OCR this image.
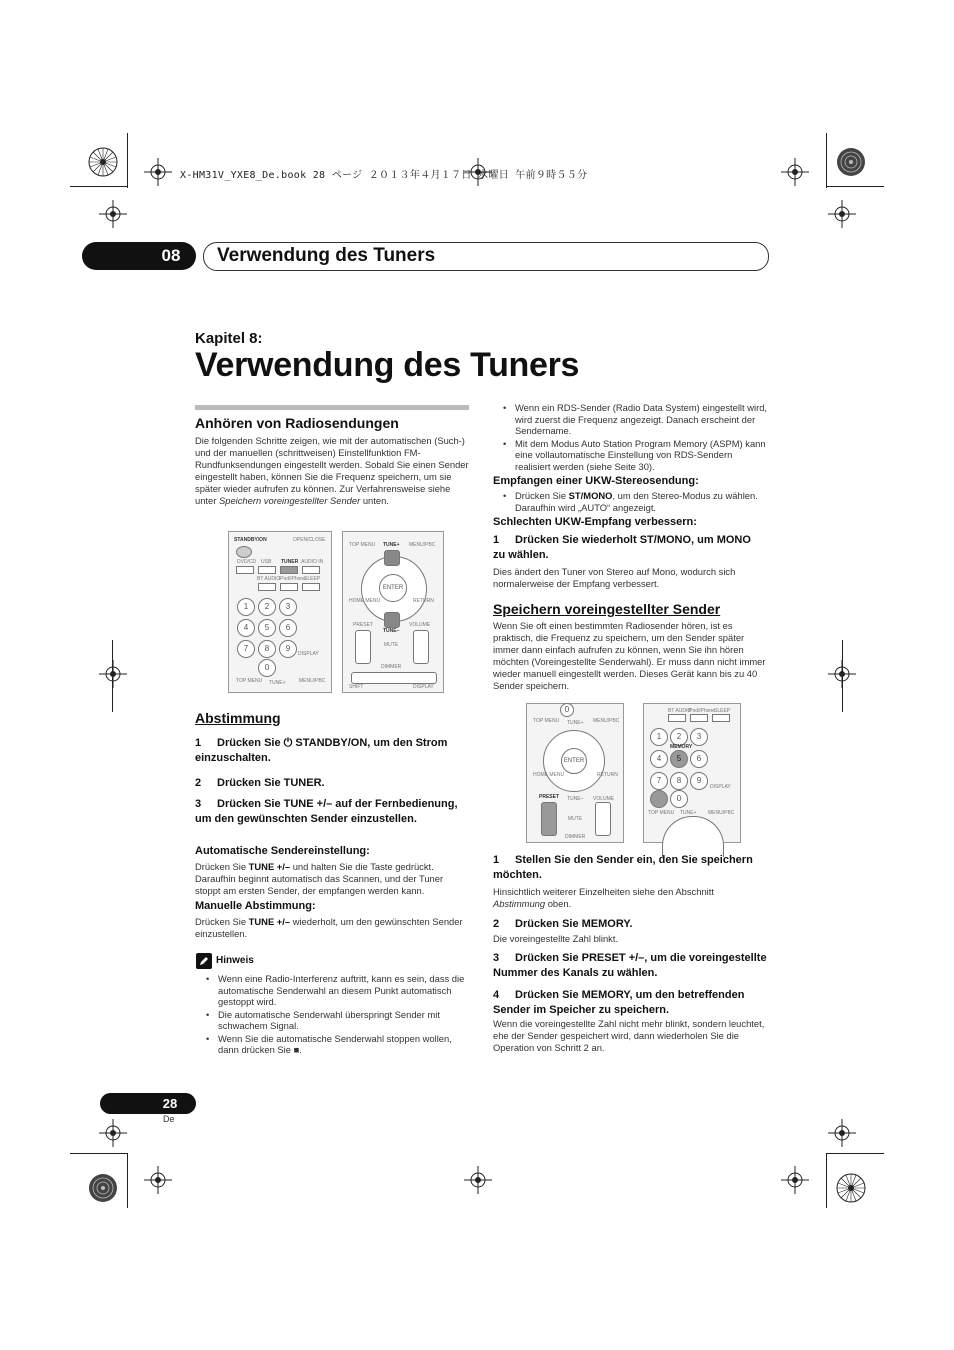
X-HM31V_YXE8_De.book 28 ページ ２０１３年４月１７日 水曜日 午前９時５５分
08	Verwendung des Tuners
Kapitel 8:
Verwendung des Tuners
Anhören von Radiosendungen
Die folgenden Schritte zeigen, wie mit der automatischen (Such-) und der manuellen (schrittweisen) Einstellfunktion FM-Rundfunksendungen eingestellt werden. Sobald Sie einen Sender eingestellt haben, können Sie die Frequenz speichern, um sie später wieder aufrufen zu können. Zur Verfahrensweise siehe unter Speichern voreingestellter Sender unten.
STANDBY/ON	OPEN/CLOSE
DVD/CD USB TUNER AUDIO IN
BT AUDIO
iPod/iPhone
SLEEP
1	2	3
4	5	6
7	8	9
0
DISPLAY
TOP MENU TUNE+	MENU/PBC
TOP MENU TUNE+ MENU/PBC
ENTER
HOME MENU	RETURN
TUNE–
PRESET	VOLUME
MUTE
DIMMER
SHIFT	DISPLAY
Abstimmung
1 Drücken Sie ⏻ STANDBY/ON, um den Strom einzuschalten.
2 Drücken Sie TUNER.
3 Drücken Sie TUNE +/– auf der Fernbedienung, um den gewünschten Sender einzustellen.
Automatische Sendereinstellung:
Drücken Sie TUNE +/– und halten Sie die Taste gedrückt. Daraufhin beginnt automatisch das Scannen, und der Tuner stoppt am ersten Sender, der empfangen werden kann.
Manuelle Abstimmung:
Drücken Sie TUNE +/– wiederholt, um den gewünschten Sender einzustellen.
Hinweis
• Wenn eine Radio-Interferenz auftritt, kann es sein, dass die automatische Senderwahl an diesem Punkt automatisch gestoppt wird.
• Die automatische Senderwahl überspringt Sender mit schwachem Signal.
• Wenn Sie die automatische Senderwahl stoppen wollen, dann drücken Sie ■.
• Wenn ein RDS-Sender (Radio Data System) eingestellt wird, wird zuerst die Frequenz angezeigt. Danach erscheint der Sendername.
• Mit dem Modus Auto Station Program Memory (ASPM) kann eine vollautomatische Einstellung von RDS-Sendern realisiert werden (siehe Seite 30).
Empfangen einer UKW-Stereosendung:
• Drücken Sie ST/MONO, um den Stereo-Modus zu wählen. Daraufhin wird „AUTO“ angezeigt.
Schlechten UKW-Empfang verbessern:
1 Drücken Sie wiederholt ST/MONO, um MONO zu wählen.
Dies ändert den Tuner von Stereo auf Mono, wodurch sich normalerweise der Empfang verbessert.
Speichern voreingestellter Sender
Wenn Sie oft einen bestimmten Radiosender hören, ist es praktisch, die Frequenz zu speichern, um den Sender später immer dann einfach aufrufen zu können, wenn Sie ihn hören möchten (Voreingestellte Senderwahl). Er muss dann nicht immer wieder manuell eingestellt werden. Dieses Gerät kann bis zu 40 Sender speichern.
0
TOP MENU TUNE+ MENU/PBC
ENTER
HOME MENU	RETURN
PRESET TUNE– VOLUME
MUTE
DIMMER
BT AUDIO
iPod/iPhone SLEEP
1	2	3
MEMORY
4	5	6
7	8	9
DISPLAY
0
TOP MENU TUNE+ MENU/PBC
1 Stellen Sie den Sender ein, den Sie speichern möchten.
Hinsichtlich weiterer Einzelheiten siehe den Abschnitt Abstimmung oben.
2 Drücken Sie MEMORY.
Die voreingestellte Zahl blinkt.
3 Drücken Sie PRESET +/–, um die voreingestellte Nummer des Kanals zu wählen.
4 Drücken Sie MEMORY, um den betreffenden Sender im Speicher zu speichern.
Wenn die voreingestellte Zahl nicht mehr blinkt, sondern leuchtet, ehe der Sender gespeichert wird, dann wiederholen Sie die Operation von Schritt 2 an.
28
De
